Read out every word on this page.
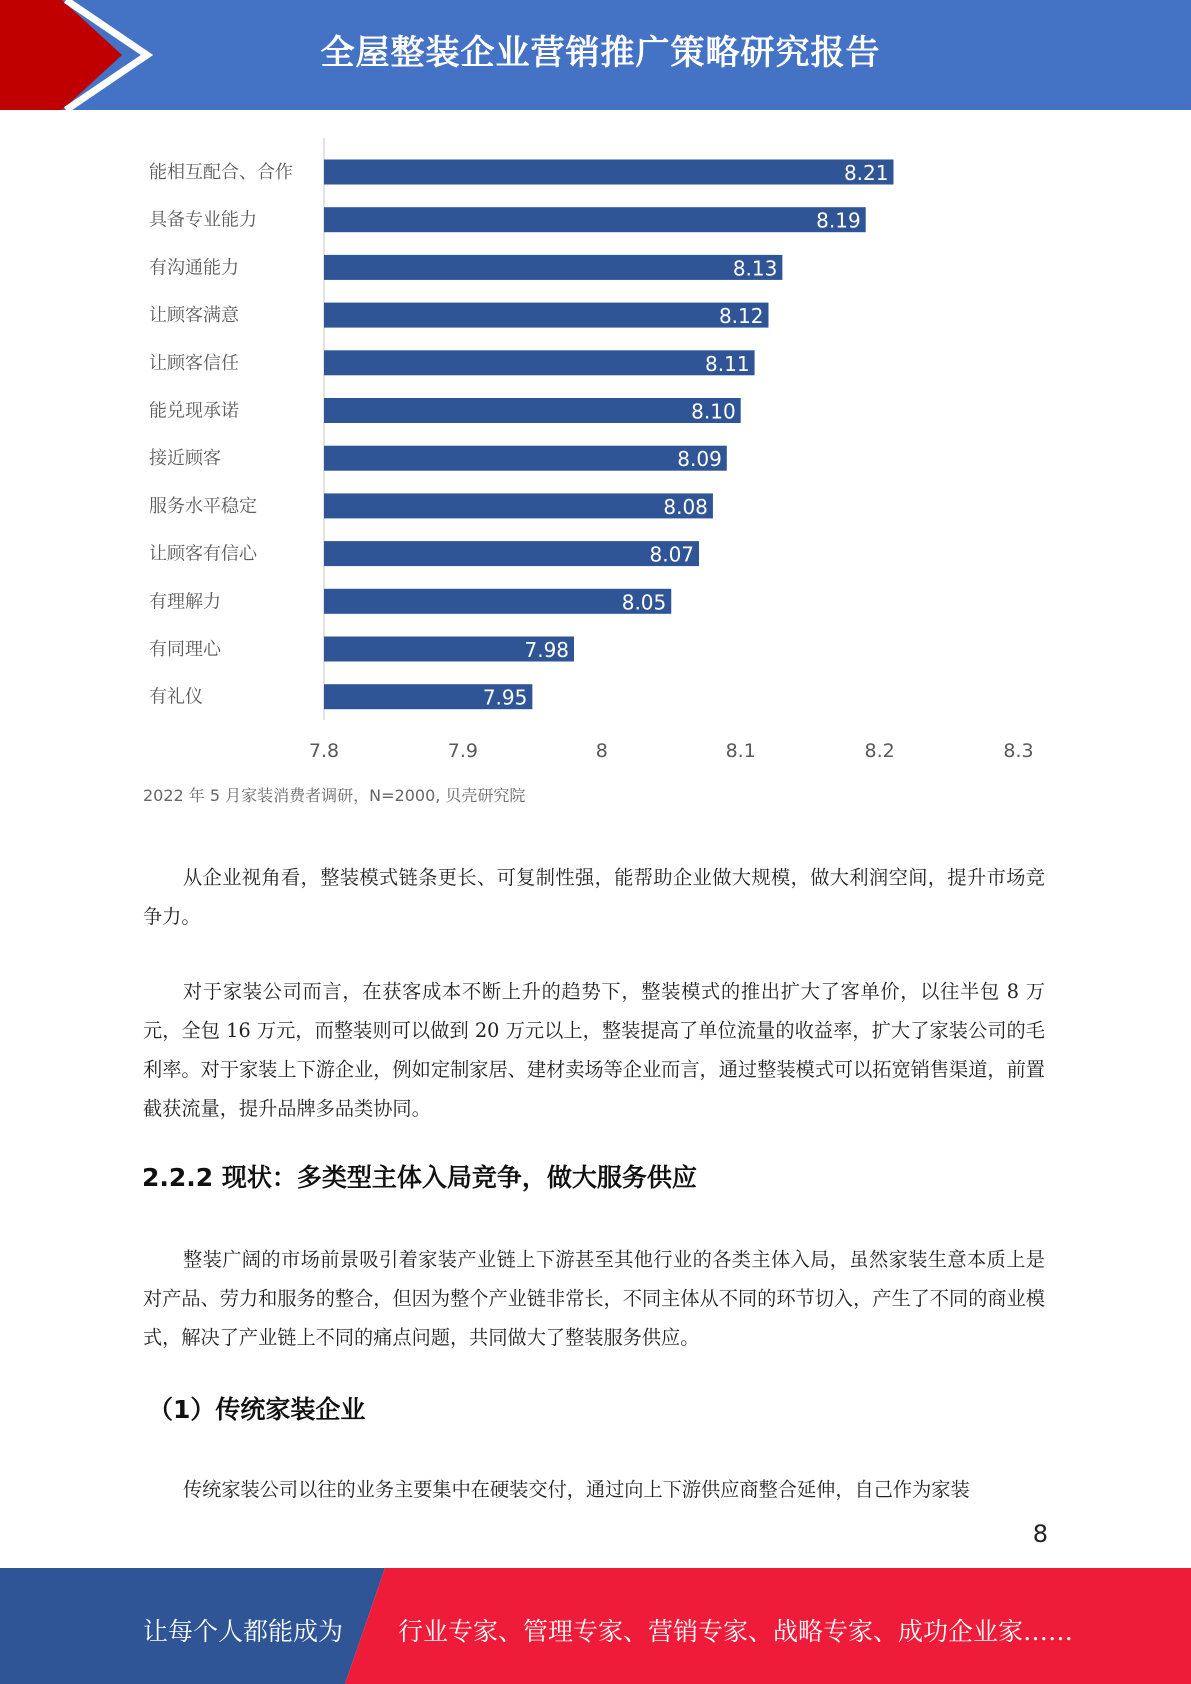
全屋整装企业营销推广策略研究报告
能相互配合、合作	8.21
具备专业能力	8.19
有沟通能力	8.13
让顾客满意	8.12
让顾客信任	8.11
能兑现承诺	8.10
接近顾客	8.09
服务水平稳定	8.08
让顾客有信心	8.07
有理解力	8.05
有同理心	7.98
有礼仪	7.95
7.8	7.9	8	8.1	8.2	8.3
2022 年 5 月家装消费者调研，N=2000, 贝壳研究院

从企业视角看，整装模式链条更长、可复制性强，能帮助企业做大规模，做大利润空间，提升市场竞争力。

对于家装公司而言，在获客成本不断上升的趋势下，整装模式的推出扩大了客单价，以往半包 8 万元，全包 16 万元，而整装则可以做到 20 万元以上，整装提高了单位流量的收益率，扩大了家装公司的毛利率。对于家装上下游企业，例如定制家居、建材卖场等企业而言，通过整装模式可以拓宽销售渠道，前置截获流量，提升品牌多品类协同。

2.2.2 现状：多类型主体入局竞争，做大服务供应

整装广阔的市场前景吸引着家装产业链上下游甚至其他行业的各类主体入局，虽然家装生意本质上是对产品、劳力和服务的整合，但因为整个产业链非常长，不同主体从不同的环节切入，产生了不同的商业模式，解决了产业链上不同的痛点问题，共同做大了整装服务供应。

（1）传统家装企业

传统家装公司以往的业务主要集中在硬装交付，通过向上下游供应商整合延伸，自己作为家装

8
让每个人都能成为 行业专家、管理专家、营销专家、战略专家、成功企业家……
